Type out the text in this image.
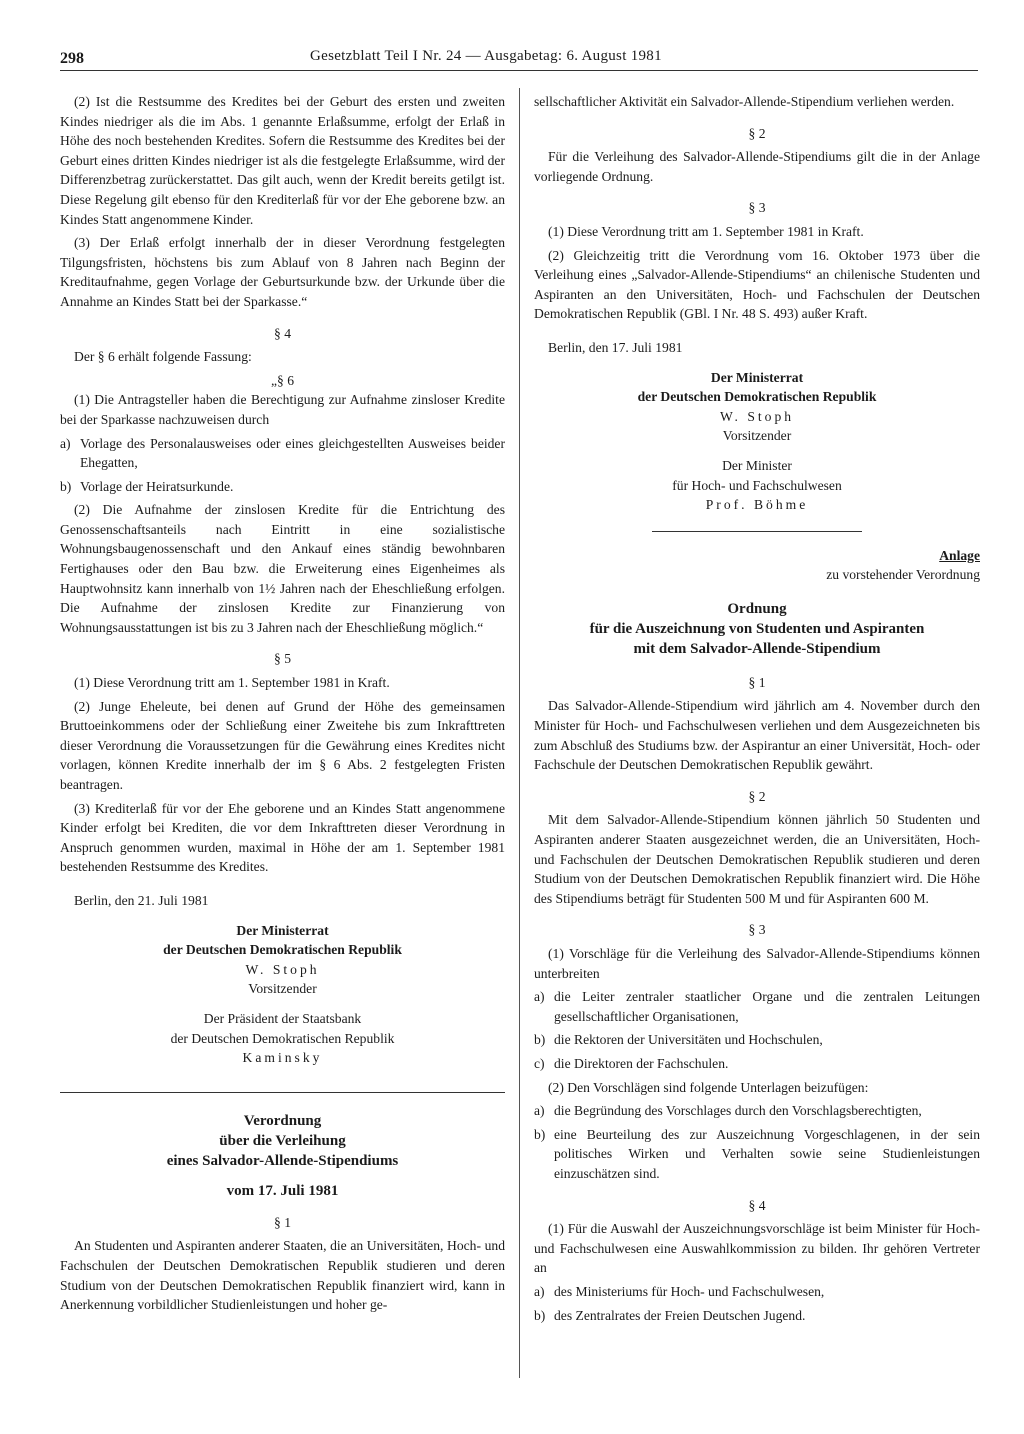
298	Gesetzblatt Teil I Nr. 24 — Ausgabetag: 6. August 1981

(2) Ist die Restsumme des Kredites bei der Geburt des ersten und zweiten Kindes niedriger als die im Abs. 1 genannte Erlaßsumme, erfolgt der Erlaß in Höhe des noch bestehenden Kredites. Sofern die Restsumme des Kredites bei der Geburt eines dritten Kindes niedriger ist als die festgelegte Erlaßsumme, wird der Differenzbetrag zurückerstattet. Das gilt auch, wenn der Kredit bereits getilgt ist. Diese Regelung gilt ebenso für den Krediterlaß für vor der Ehe geborene bzw. an Kindes Statt angenommene Kinder.

(3) Der Erlaß erfolgt innerhalb der in dieser Verordnung festgelegten Tilgungsfristen, höchstens bis zum Ablauf von 8 Jahren nach Beginn der Kreditaufnahme, gegen Vorlage der Geburtsurkunde bzw. der Urkunde über die Annahme an Kindes Statt bei der Sparkasse.“

§ 4

Der § 6 erhält folgende Fassung:

„§ 6

(1) Die Antragsteller haben die Berechtigung zur Aufnahme zinsloser Kredite bei der Sparkasse nachzuweisen durch

a) Vorlage des Personalausweises oder eines gleichgestellten Ausweises beider Ehegatten,
b) Vorlage der Heiratsurkunde.

(2) Die Aufnahme der zinslosen Kredite für die Entrichtung des Genossenschaftsanteils nach Eintritt in eine sozialistische Wohnungsbaugenossenschaft und den Ankauf eines ständig bewohnbaren Fertighauses oder den Bau bzw. die Erweiterung eines Eigenheimes als Hauptwohnsitz kann innerhalb von 1½ Jahren nach der Eheschließung erfolgen. Die Aufnahme der zinslosen Kredite zur Finanzierung von Wohnungsausstattungen ist bis zu 3 Jahren nach der Eheschließung möglich.“

§ 5

(1) Diese Verordnung tritt am 1. September 1981 in Kraft.

(2) Junge Eheleute, bei denen auf Grund der Höhe des gemeinsamen Bruttoeinkommens oder der Schließung einer Zweitehe bis zum Inkrafttreten dieser Verordnung die Voraussetzungen für die Gewährung eines Kredites nicht vorlagen, können Kredite innerhalb der im § 6 Abs. 2 festgelegten Fristen beantragen.

(3) Krediterlaß für vor der Ehe geborene und an Kindes Statt angenommene Kinder erfolgt bei Krediten, die vor dem Inkrafttreten dieser Verordnung in Anspruch genommen wurden, maximal in Höhe der am 1. September 1981 bestehenden Restsumme des Kredites.

Berlin, den 21. Juli 1981

Der Ministerrat
der Deutschen Demokratischen Republik
W. Stoph
Vorsitzender
Der Präsident der Staatsbank
der Deutschen Demokratischen Republik
Kaminsky
Verordnung
über die Verleihung
eines Salvador-Allende-Stipendiums
vom 17. Juli 1981
§ 1

An Studenten und Aspiranten anderer Staaten, die an Universitäten, Hoch- und Fachschulen der Deutschen Demokratischen Republik studieren und deren Studium von der Deutschen Demokratischen Republik finanziert wird, kann in Anerkennung vorbildlicher Studienleistungen und hoher ge-

sellschaftlicher Aktivität ein Salvador-Allende-Stipendium verliehen werden.

§ 2

Für die Verleihung des Salvador-Allende-Stipendiums gilt die in der Anlage vorliegende Ordnung.

§ 3

(1) Diese Verordnung tritt am 1. September 1981 in Kraft.

(2) Gleichzeitig tritt die Verordnung vom 16. Oktober 1973 über die Verleihung eines „Salvador-Allende-Stipendiums“ an chilenische Studenten und Aspiranten an den Universitäten, Hoch- und Fachschulen der Deutschen Demokratischen Republik (GBl. I Nr. 48 S. 493) außer Kraft.

Berlin, den 17. Juli 1981

Der Ministerrat
der Deutschen Demokratischen Republik
W. Stoph
Vorsitzender
Der Minister
für Hoch- und Fachschulwesen
Prof. Böhme
Anlage
zu vorstehender Verordnung
Ordnung
für die Auszeichnung von Studenten und Aspiranten
mit dem Salvador-Allende-Stipendium
§ 1

Das Salvador-Allende-Stipendium wird jährlich am 4. November durch den Minister für Hoch- und Fachschulwesen verliehen und dem Ausgezeichneten bis zum Abschluß des Studiums bzw. der Aspirantur an einer Universität, Hoch- oder Fachschule der Deutschen Demokratischen Republik gewährt.

§ 2

Mit dem Salvador-Allende-Stipendium können jährlich 50 Studenten und Aspiranten anderer Staaten ausgezeichnet werden, die an Universitäten, Hoch- und Fachschulen der Deutschen Demokratischen Republik studieren und deren Studium von der Deutschen Demokratischen Republik finanziert wird. Die Höhe des Stipendiums beträgt für Studenten 500 M und für Aspiranten 600 M.

§ 3

(1) Vorschläge für die Verleihung des Salvador-Allende-Stipendiums können unterbreiten

a) die Leiter zentraler staatlicher Organe und die zentralen Leitungen gesellschaftlicher Organisationen,
b) die Rektoren der Universitäten und Hochschulen,
c) die Direktoren der Fachschulen.

(2) Den Vorschlägen sind folgende Unterlagen beizufügen:

a) die Begründung des Vorschlages durch den Vorschlagsberechtigten,
b) eine Beurteilung des zur Auszeichnung Vorgeschlagenen, in der sein politisches Wirken und Verhalten sowie seine Studienleistungen einzuschätzen sind.
§ 4

(1) Für die Auswahl der Auszeichnungsvorschläge ist beim Minister für Hoch- und Fachschulwesen eine Auswahlkommission zu bilden. Ihr gehören Vertreter an

a) des Ministeriums für Hoch- und Fachschulwesen,
b) des Zentralrates der Freien Deutschen Jugend.
